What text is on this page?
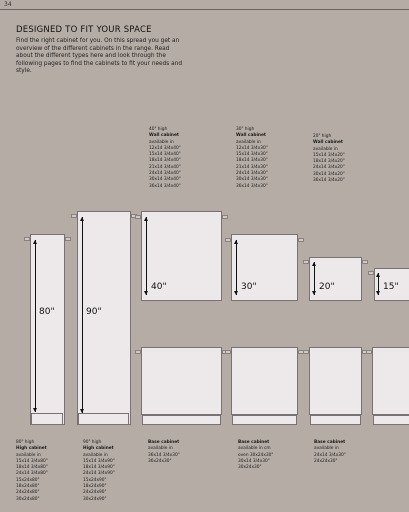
34
DESIGNED TO FIT YOUR SPACE
Find the right cabinet for you. On this spread you get an overview of the different cabinets in the range. Read about the different types here and look through the following pages to find the cabinets to fit your needs and style.
40" high
Wall cabinet
available in
12x14 3/4x40"
15x14 3/4x40"
18x14 3/4x40"
21x14 3/4x40"
24x14 3/4x40"
30x14 3/4x40"
36x14 3/4x40"
30" high
Wall cabinet
available in
12x14 3/4x30"
15x14 3/4x30"
18x14 3/4x30"
21x14 3/4x30"
24x14 3/4x30"
30x14 3/4x30"
36x14 3/4x30"
20" high
Wall cabinet
available in
15x14 3/4x20"
18x14 3/4x20"
24x14 3/4x20"
30x14 3/4x20"
36x14 3/4x20"
80"	90"
40"	30"	20"	15"
80" high
High cabinet
available in
15x14 3/4x80"
18x14 3/4x80"
24x14 3/4x80"
15x24x80"
18x24x80"
24x24x80"
30x24x80"
90" high
High cabinet
available in
15x14 3/4x90"
18x14 3/4x90"
24x14 3/4x90"
15x24x90"
18x24x90"
24x24x90"
30x24x90"
Base cabinet
available in
36x14 3/4x30"
36x24x30"
Base cabinet
available in cm
oven 30x24x30"
30x14 3/4x30"
30x24x30"
Base cabinet
available in
24x14 3/4x30"
24x24x30"
